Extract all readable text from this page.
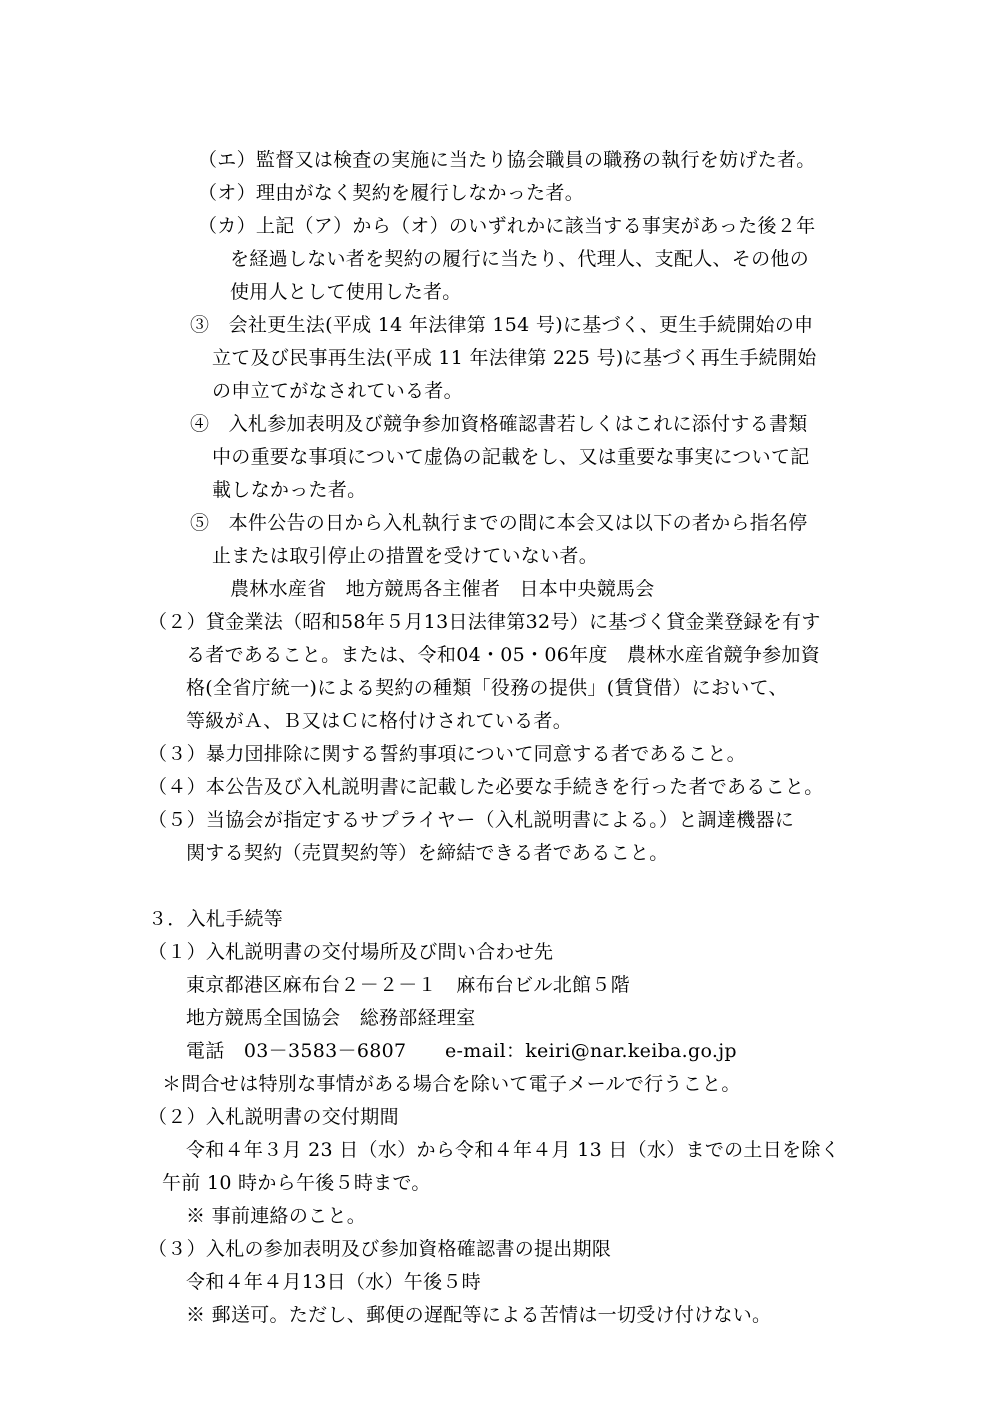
（エ）監督又は検査の実施に当たり協会職員の職務の執行を妨げた者。
（オ）理由がなく契約を履行しなかった者。
（カ）上記（ア）から（オ）のいずれかに該当する事実があった後２年
を経過しない者を契約の履行に当たり、代理人、支配人、その他の
使用人として使用した者。
③　会社更生法(平成 14 年法律第 154 号)に基づく、更生手続開始の申
立て及び民事再生法(平成 11 年法律第 225 号)に基づく再生手続開始
の申立てがなされている者。
④　入札参加表明及び競争参加資格確認書若しくはこれに添付する書類
中の重要な事項について虚偽の記載をし、又は重要な事実について記
載しなかった者。
⑤　本件公告の日から入札執行までの間に本会又は以下の者から指名停
止または取引停止の措置を受けていない者。
農林水産省　地方競馬各主催者　日本中央競馬会
（２）貸金業法（昭和58年５月13日法律第32号）に基づく貸金業登録を有す
る者であること。または、令和04・05・06年度　農林水産省競争参加資
格(全省庁統一)による契約の種類「役務の提供」(賃貸借）において、
等級がＡ、Ｂ又はＣに格付けされている者。
（３）暴力団排除に関する誓約事項について同意する者であること。
（４）本公告及び入札説明書に記載した必要な手続きを行った者であること。
（５）当協会が指定するサプライヤー（入札説明書による。）と調達機器に
関する契約（売買契約等）を締結できる者であること。
３．入札手続等
（１）入札説明書の交付場所及び問い合わせ先
東京都港区麻布台２－２－１　麻布台ビル北館５階
地方競馬全国協会　総務部経理室
電話　03－3583－6807　　e-mail：keiri@nar.keiba.go.jp
＊問合せは特別な事情がある場合を除いて電子メールで行うこと。
（２）入札説明書の交付期間
令和４年３月 23 日（水）から令和４年４月 13 日（水）までの土日を除く
午前 10 時から午後５時まで。
※ 事前連絡のこと。
（３）入札の参加表明及び参加資格確認書の提出期限
令和４年４月13日（水）午後５時
※ 郵送可。ただし、郵便の遅配等による苦情は一切受け付けない。
